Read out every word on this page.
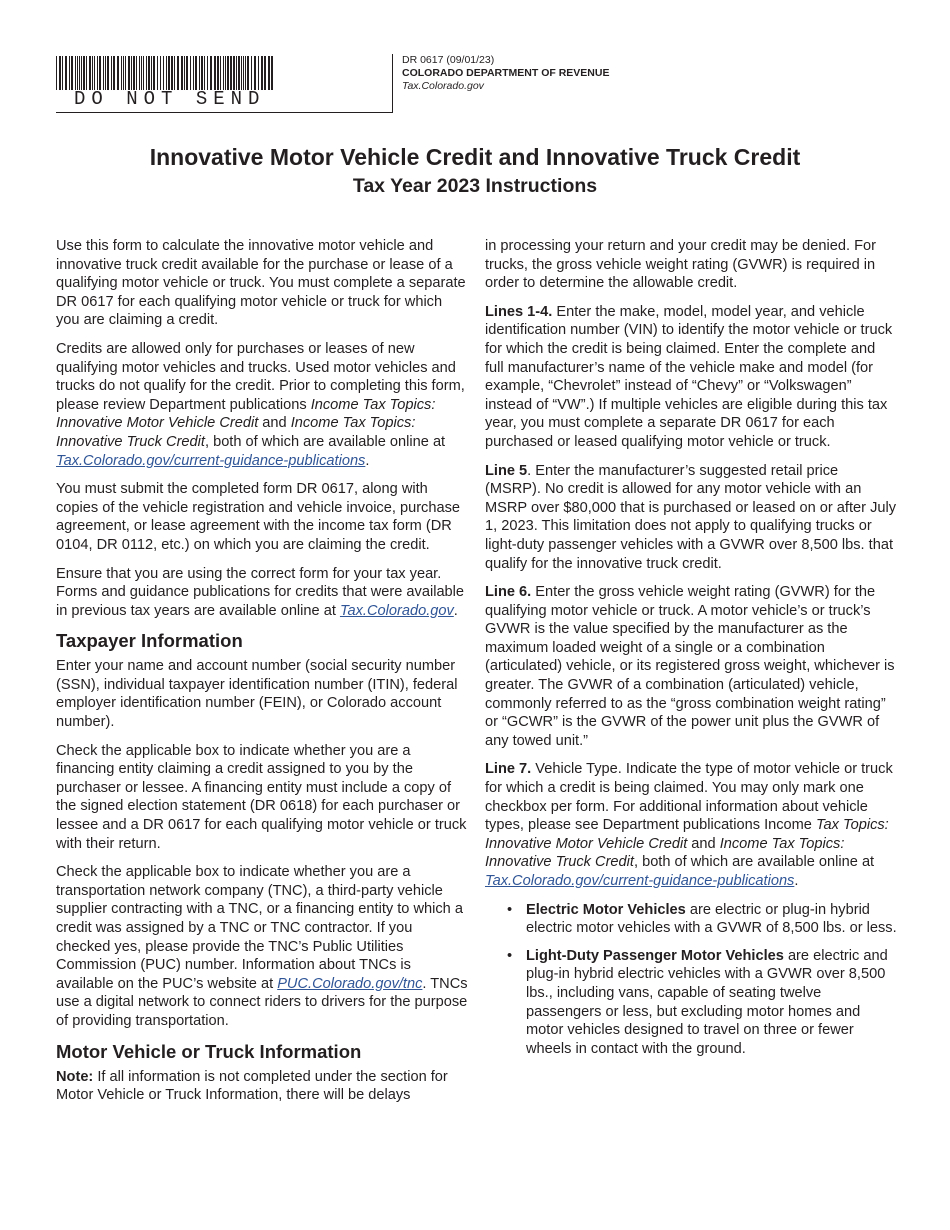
DO NOT SEND
DR 0617 (09/01/23)
COLORADO DEPARTMENT OF REVENUE
Tax.Colorado.gov
Innovative Motor Vehicle Credit and Innovative Truck Credit
Tax Year 2023 Instructions

Use this form to calculate the innovative motor vehicle and innovative truck credit available for the purchase or lease of a qualifying motor vehicle or truck. You must complete a separate DR 0617 for each qualifying motor vehicle or truck for which you are claiming a credit.

Credits are allowed only for purchases or leases of new qualifying motor vehicles and trucks. Used motor vehicles and trucks do not qualify for the credit. Prior to completing this form, please review Department publications Income Tax Topics: Innovative Motor Vehicle Credit and Income Tax Topics: Innovative Truck Credit, both of which are available online at Tax.Colorado.gov/current-guidance-publications.

You must submit the completed form DR 0617, along with copies of the vehicle registration and vehicle invoice, purchase agreement, or lease agreement with the income tax form (DR 0104, DR 0112, etc.) on which you are claiming the credit.

Ensure that you are using the correct form for your tax year. Forms and guidance publications for credits that were available in previous tax years are available online at Tax.Colorado.gov.

Taxpayer Information

Enter your name and account number (social security number (SSN), individual taxpayer identification number (ITIN), federal employer identification number (FEIN), or Colorado account number).

Check the applicable box to indicate whether you are a financing entity claiming a credit assigned to you by the purchaser or lessee. A financing entity must include a copy of the signed election statement (DR 0618) for each purchaser or lessee and a DR 0617 for each qualifying motor vehicle or truck with their return.

Check the applicable box to indicate whether you are a transportation network company (TNC), a third-party vehicle supplier contracting with a TNC, or a financing entity to which a credit was assigned by a TNC or TNC contractor. If you checked yes, please provide the TNC’s Public Utilities Commission (PUC) number. Information about TNCs is available on the PUC’s website at PUC.Colorado.gov/tnc. TNCs use a digital network to connect riders to drivers for the purpose of providing transportation.

Motor Vehicle or Truck Information

Note: If all information is not completed under the section for Motor Vehicle or Truck Information, there will be delays

in processing your return and your credit may be denied. For trucks, the gross vehicle weight rating (GVWR) is required in order to determine the allowable credit.

Lines 1-4. Enter the make, model, model year, and vehicle identification number (VIN) to identify the motor vehicle or truck for which the credit is being claimed. Enter the complete and full manufacturer’s name of the vehicle make and model (for example, “Chevrolet” instead of “Chevy” or “Volkswagen” instead of “VW”.) If multiple vehicles are eligible during this tax year, you must complete a separate DR 0617 for each purchased or leased qualifying motor vehicle or truck.

Line 5. Enter the manufacturer’s suggested retail price (MSRP). No credit is allowed for any motor vehicle with an MSRP over $80,000 that is purchased or leased on or after July 1, 2023. This limitation does not apply to qualifying trucks or light-duty passenger vehicles with a GVWR over 8,500 lbs. that qualify for the innovative truck credit.

Line 6. Enter the gross vehicle weight rating (GVWR) for the qualifying motor vehicle or truck. A motor vehicle’s or truck’s GVWR is the value specified by the manufacturer as the maximum loaded weight of a single or a combination (articulated) vehicle, or its registered gross weight, whichever is greater. The GVWR of a combination (articulated) vehicle, commonly referred to as the “gross combination weight rating” or “GCWR” is the GVWR of the power unit plus the GVWR of any towed unit.”

Line 7. Vehicle Type. Indicate the type of motor vehicle or truck for which a credit is being claimed. You may only mark one checkbox per form. For additional information about vehicle types, please see Department publications Income Tax Topics: Innovative Motor Vehicle Credit and Income Tax Topics: Innovative Truck Credit, both of which are available online at Tax.Colorado.gov/current-guidance-publications.

• Electric Motor Vehicles are electric or plug-in hybrid electric motor vehicles with a GVWR of 8,500 lbs. or less.
• Light-Duty Passenger Motor Vehicles are electric and plug-in hybrid electric vehicles with a GVWR over 8,500 lbs., including vans, capable of seating twelve passengers or less, but excluding motor homes and motor vehicles designed to travel on three or fewer wheels in contact with the ground.
